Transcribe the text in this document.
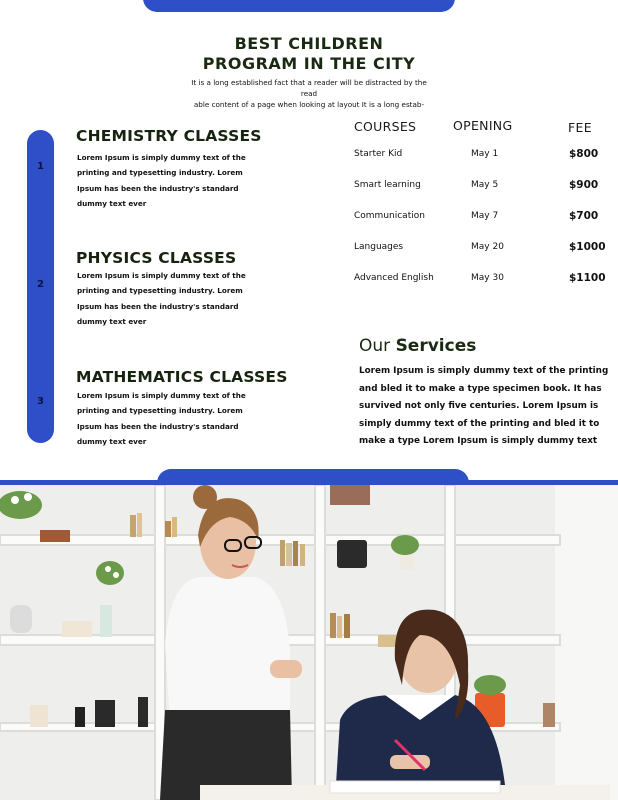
BEST CHILDREN
PROGRAM IN THE CITY
It is a long established fact that a reader will be distracted by the
read
able content of a page when looking at layout It is a long estab-
1
2
3
CHEMISTRY CLASSES
Lorem Ipsum is simply dummy text of the
printing and typesetting industry. Lorem
Ipsum has been the industry's standard
dummy text ever
PHYSICS CLASSES
Lorem Ipsum is simply dummy text of the
printing and typesetting industry. Lorem
Ipsum has been the industry's standard
dummy text ever
MATHEMATICS CLASSES
Lorem Ipsum is simply dummy text of the
printing and typesetting industry. Lorem
Ipsum has been the industry's standard
dummy text ever
COURSES	OPENING	FEE
Starter Kid	May 1	$800
Smart learning	May 5	$900
Communication	May 7	$700
Languages	May 20	$1000
Advanced English	May 30	$1100
Our Services
Lorem Ipsum is simply dummy text of the printing
and bled it to make a type specimen book. It has
survived not only five centuries. Lorem Ipsum is
simply dummy text of the printing and bled it to
make a type Lorem Ipsum is simply dummy text
